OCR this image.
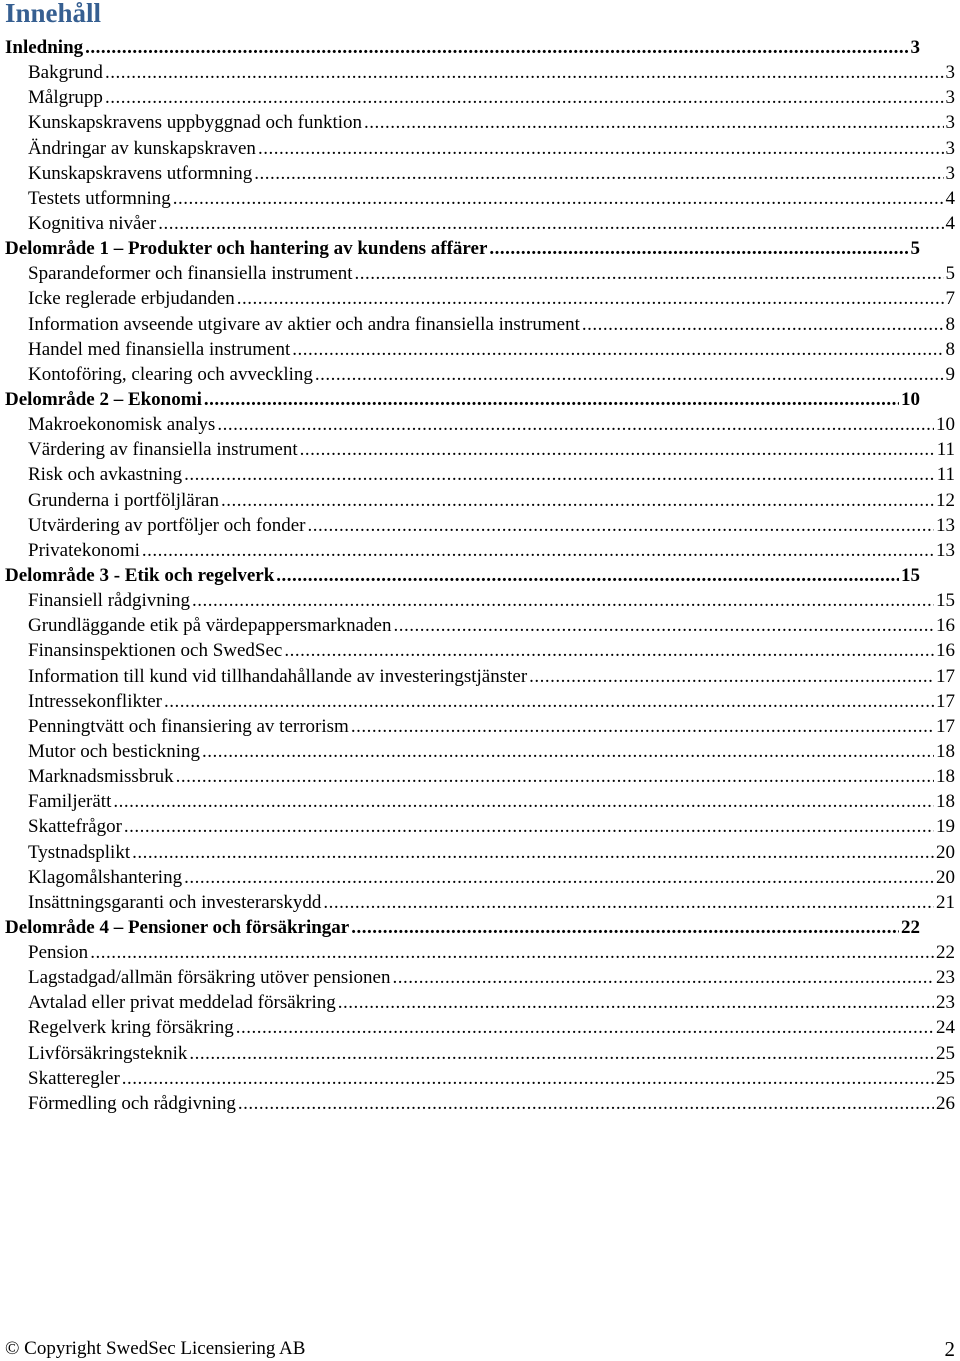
Innehåll
Inledning .....	3
Bakgrund .....	3
Målgrupp .....	3
Kunskapskravens uppbyggnad och funktion .....	3
Ändringar av kunskapskraven .....	3
Kunskapskravens utformning .....	3
Testets utformning .....	4
Kognitiva nivåer .....	4
Delområde 1 – Produkter och hantering av kundens affärer .....	5
Sparandeformer och finansiella instrument .....	5
Icke reglerade erbjudanden .....	7
Information avseende utgivare av aktier och andra finansiella instrument .....	8
Handel med finansiella instrument .....	8
Kontoföring, clearing och avveckling .....	9
Delområde 2 – Ekonomi .....	10
Makroekonomisk analys .....	10
Värdering av finansiella instrument .....	11
Risk och avkastning .....	11
Grunderna i portföljläran .....	12
Utvärdering av portföljer och fonder .....	13
Privatekonomi .....	13
Delområde 3 - Etik och regelverk .....	15
Finansiell rådgivning .....	15
Grundläggande etik på värdepappersmarknaden .....	16
Finansinspektionen och SwedSec .....	16
Information till kund vid tillhandahållande av investeringstjänster .....	17
Intressekonflikter .....	17
Penningtvätt och finansiering av terrorism .....	17
Mutor och bestickning .....	18
Marknadsmissbruk .....	18
Familjerätt .....	18
Skattefrågor .....	19
Tystnadsplikt .....	20
Klagomålshantering .....	20
Insättningsgaranti och investerarskydd .....	21
Delområde 4 – Pensioner och försäkringar .....	22
Pension .....	22
Lagstadgad/allmän försäkring utöver pensionen .....	23
Avtalad eller privat meddelad försäkring .....	23
Regelverk kring försäkring .....	24
Livförsäkringsteknik .....	25
Skatteregler .....	25
Förmedling och rådgivning .....	26
© Copyright SwedSec Licensiering AB	2
